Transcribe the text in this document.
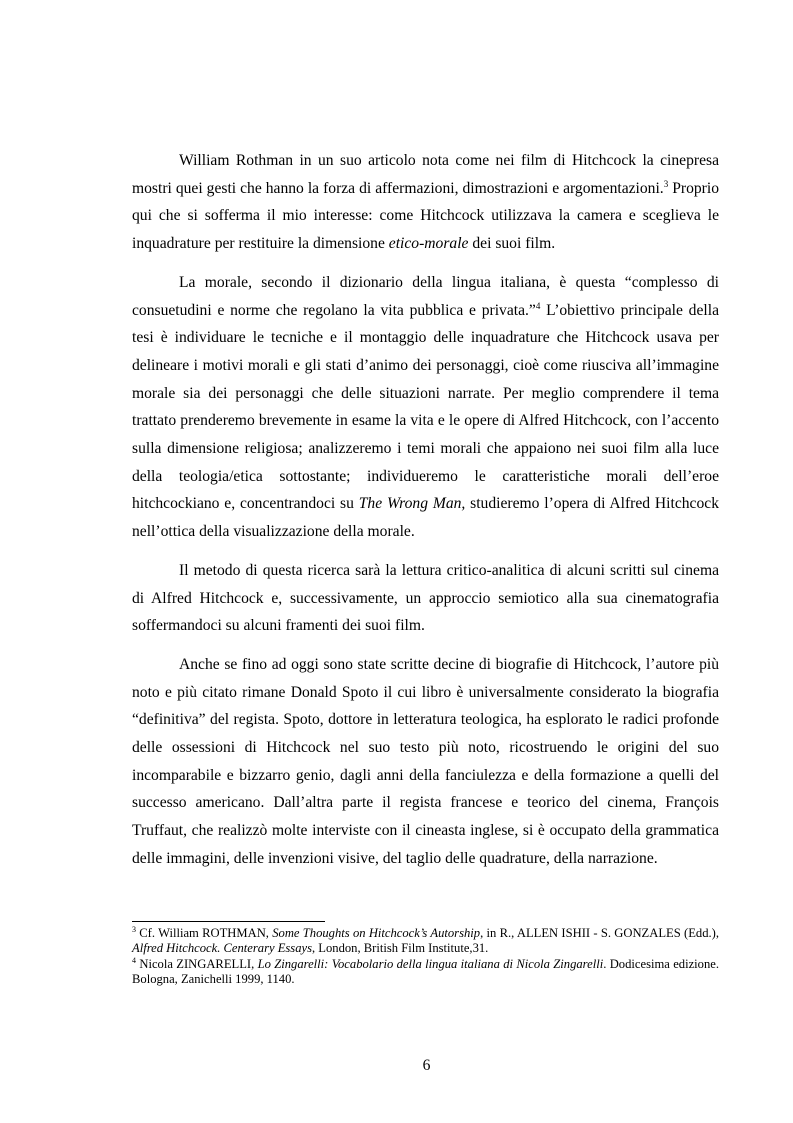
William Rothman in un suo articolo nota come nei film di Hitchcock la cinepresa mostri quei gesti che hanno la forza di affermazioni, dimostrazioni e argomentazioni.$^3$ Proprio qui che si sofferma il mio interesse: come Hitchcock utilizzava la camera e sceglieva le inquadrature per restituire la dimensione etico-morale dei suoi film.

La morale, secondo il dizionario della lingua italiana, è questa “complesso di consuetudini e norme che regolano la vita pubblica e privata.”$^4$ L’obiettivo principale della tesi è individuare le tecniche e il montaggio delle inquadrature che Hitchcock usava per delineare i motivi morali e gli stati d’animo dei personaggi, cioè come riusciva all’immagine morale sia dei personaggi che delle situazioni narrate. Per meglio comprendere il tema trattato prenderemo brevemente in esame la vita e le opere di Alfred Hitchcock, con l’accento sulla dimensione religiosa; analizzeremo i temi morali che appaiono nei suoi film alla luce della teologia/etica sottostante; individueremo le caratteristiche morali dell’eroe hitchcockiano e, concentrandoci su The Wrong Man, studieremo l’opera di Alfred Hitchcock nell’ottica della visualizzazione della morale.

Il metodo di questa ricerca sarà la lettura critico-analitica di alcuni scritti sul cinema di Alfred Hitchcock e, successivamente, un approccio semiotico alla sua cinematografia soffermandoci su alcuni framenti dei suoi film.

Anche se fino ad oggi sono state scritte decine di biografie di Hitchcock, l’autore più noto e più citato rimane Donald Spoto il cui libro è universalmente considerato la biografia “definitiva” del regista. Spoto, dottore in letteratura teologica, ha esplorato le radici profonde delle ossessioni di Hitchcock nel suo testo più noto, ricostruendo le origini del suo incomparabile e bizzarro genio, dagli anni della fanciulezza e della formazione a quelli del successo americano. Dall’altra parte il regista francese e teorico del cinema, François Truffaut, che realizzò molte interviste con il cineasta inglese, si è occupato della grammatica delle immagini, delle invenzioni visive, del taglio delle quadrature, della narrazione.

$^3$ Cf. William ROTHMAN, Some Thoughts on Hitchcock’s Autorship, in R., ALLEN ISHII - S. GONZALES (Edd.), Alfred Hitchcock. Centerary Essays, London, British Film Institute,31.

$^4$ Nicola ZINGARELLI, Lo Zingarelli: Vocabolario della lingua italiana di Nicola Zingarelli. Dodicesima edizione. Bologna, Zanichelli 1999, 1140.

6
